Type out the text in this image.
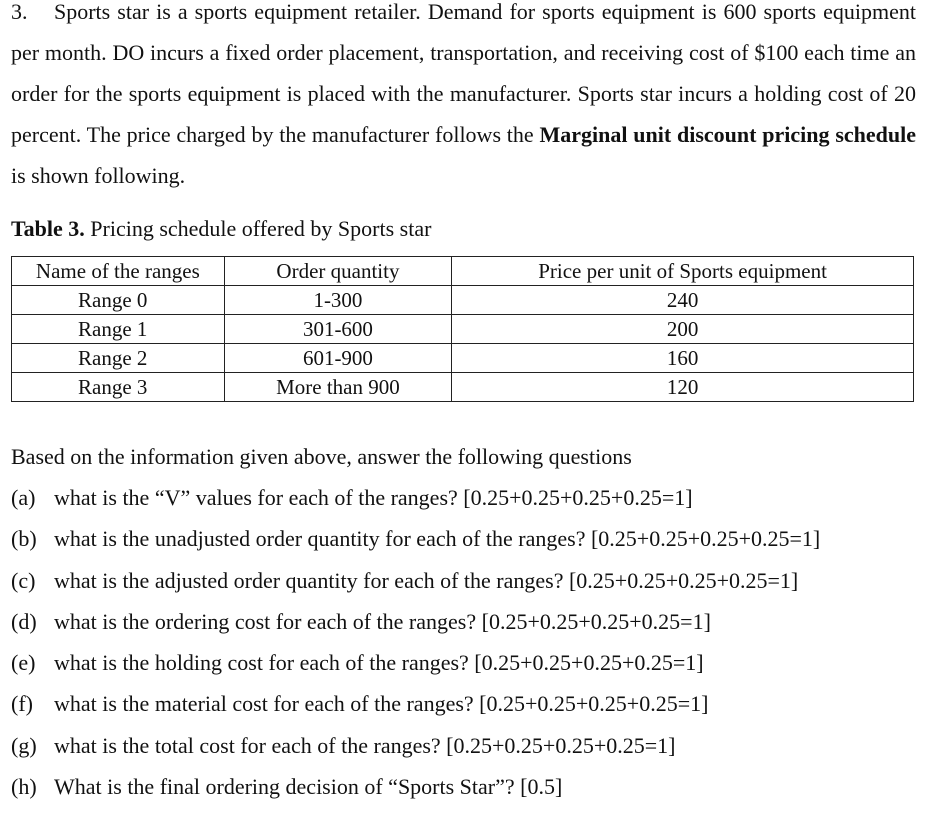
3. Sports star is a sports equipment retailer. Demand for sports equipment is 600 sports equipment per month. DO incurs a fixed order placement, transportation, and receiving cost of $100 each time an order for the sports equipment is placed with the manufacturer. Sports star incurs a holding cost of 20 percent. The price charged by the manufacturer follows the Marginal unit discount pricing schedule is shown following.

Table 3. Pricing schedule offered by Sports star
Name of the ranges	Order quantity	Price per unit of Sports equipment
Range 0	1-300	240
Range 1	301-600	200
Range 2	601-900	160
Range 3	More than 900	120
Based on the information given above, answer the following questions
(a) what is the “V” values for each of the ranges? [0.25+0.25+0.25+0.25=1]
(b) what is the unadjusted order quantity for each of the ranges? [0.25+0.25+0.25+0.25=1]
(c) what is the adjusted order quantity for each of the ranges? [0.25+0.25+0.25+0.25=1]
(d) what is the ordering cost for each of the ranges? [0.25+0.25+0.25+0.25=1]
(e) what is the holding cost for each of the ranges? [0.25+0.25+0.25+0.25=1]
(f) what is the material cost for each of the ranges? [0.25+0.25+0.25+0.25=1]
(g) what is the total cost for each of the ranges? [0.25+0.25+0.25+0.25=1]
(h) What is the final ordering decision of “Sports Star”? [0.5]
